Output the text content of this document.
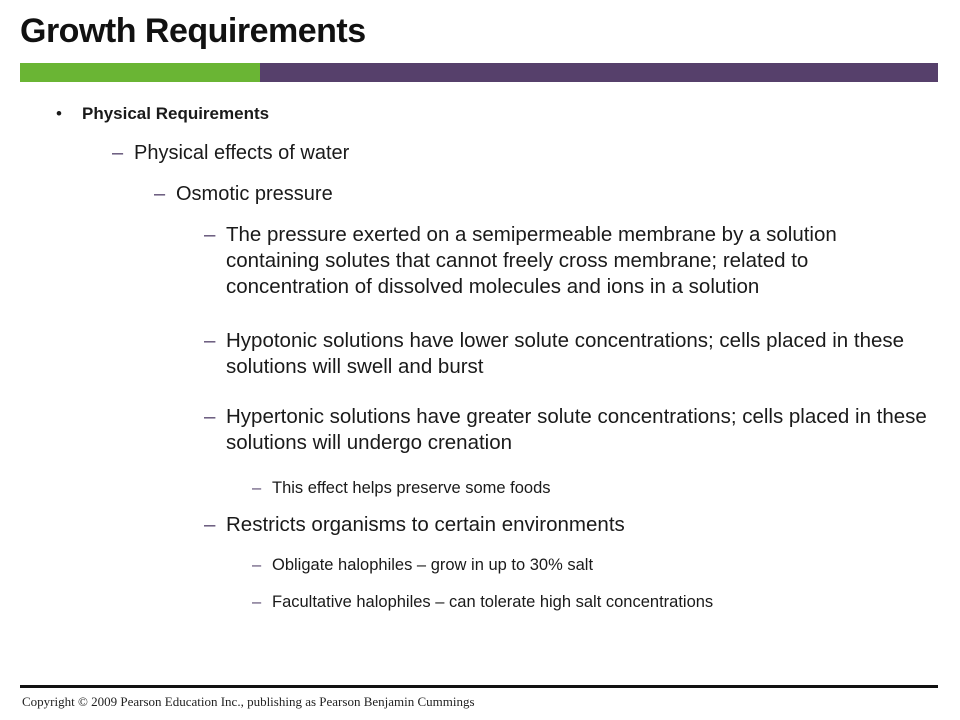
Growth Requirements

• Physical Requirements

– Physical effects of water

– Osmotic pressure

– The pressure exerted on a semipermeable membrane by a solution containing solutes that cannot freely cross membrane; related to concentration of dissolved molecules and ions in a solution

– Hypotonic solutions have lower solute concentrations; cells placed in these solutions will swell and burst

– Hypertonic solutions have greater solute concentrations; cells placed in these solutions will undergo crenation

– This effect helps preserve some foods

– Restricts organisms to certain environments

– Obligate halophiles – grow in up to 30% salt

– Facultative halophiles – can tolerate high salt concentrations

Copyright © 2009 Pearson Education Inc., publishing as Pearson Benjamin Cummings
